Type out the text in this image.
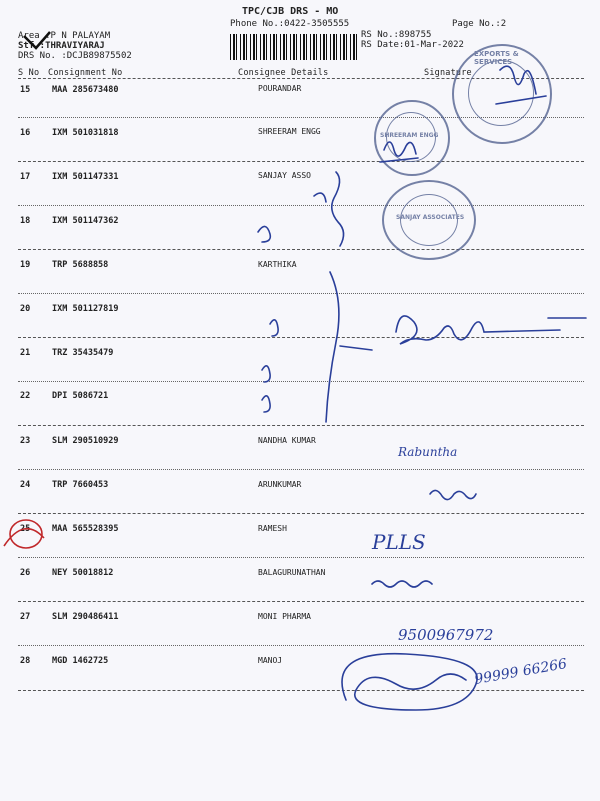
TPC/CJB DRS - MO
Phone No.:0422-3505555	Page No.:2
Area :P N PALAYAM
Stf :THRAVIYARAJ
DRS No. :DCJB89875502
RS No.:898755
RS Date:01-Mar-2022
S No Consignment No	Consignee Details	Signature
15	MAA 285673480	POURANDAR
16	IXM 501031818	SHREERAM ENGG
17	IXM 501147331	SANJAY ASSO
18	IXM 501147362
19	TRP 5688858	KARTHIKA
20	IXM 501127819
21	TRZ 35435479
22	DPI 5086721
23	SLM 290510929	NANDHA KUMAR
24	TRP 7660453	ARUNKUMAR
25	MAA 565528395	RAMESH
26	NEY 50018812	BALAGURUNATHAN
27	SLM 290486411	MONI PHARMA
28	MGD 1462725	MANOJ
EXPORTS & SERVICES
SHREERAM ENGG
SANJAY ASSOCIATES
Rabuntha
PLLS
9500967972
99999 66266
